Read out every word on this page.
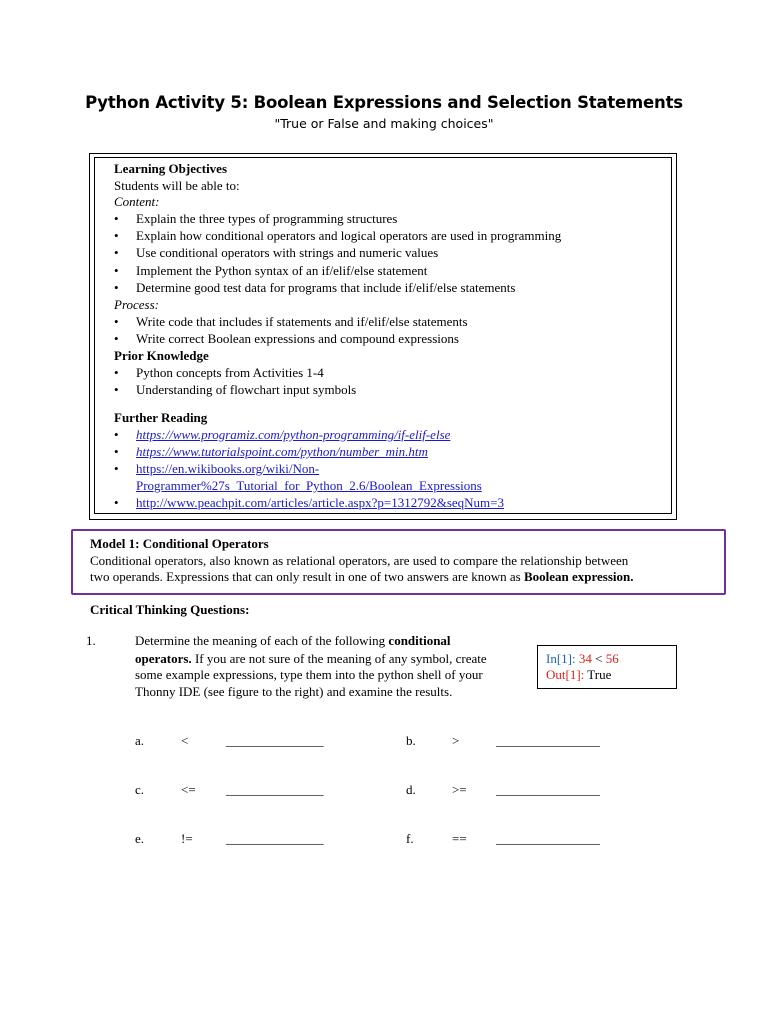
Python Activity 5: Boolean Expressions and Selection Statements
"True or False and making choices"
Learning Objectives
Students will be able to:
Content:
• Explain the three types of programming structures
• Explain how conditional operators and logical operators are used in programming
• Use conditional operators with strings and numeric values
• Implement the Python syntax of an if/elif/else statement
• Determine good test data for programs that include if/elif/else statements
Process:
• Write code that includes if statements and if/elif/else statements
• Write correct Boolean expressions and compound expressions
Prior Knowledge
• Python concepts from Activities 1-4
• Understanding of flowchart input symbols
Further Reading
• https://www.programiz.com/python-programming/if-elif-else
• https://www.tutorialspoint.com/python/number_min.htm
• https://en.wikibooks.org/wiki/Non-
Programmer%27s_Tutorial_for_Python_2.6/Boolean_Expressions
• http://www.peachpit.com/articles/article.aspx?p=1312792&seqNum=3
Model 1: Conditional Operators
Conditional operators, also known as relational operators, are used to compare the relationship between
two operands. Expressions that can only result in one of two answers are known as Boolean expression.
Critical Thinking Questions:
1.	Determine the meaning of each of the following conditional
operators. If you are not sure of the meaning of any symbol, create
some example expressions, type them into the python shell of your
Thonny IDE (see figure to the right) and examine the results.
In[1]: 34 < 56
Out[1]: True
a.	<	_______________	b.	>	________________
c.	<= _______________	d.	>= ________________
e.	!=	_______________	f.	== ________________
